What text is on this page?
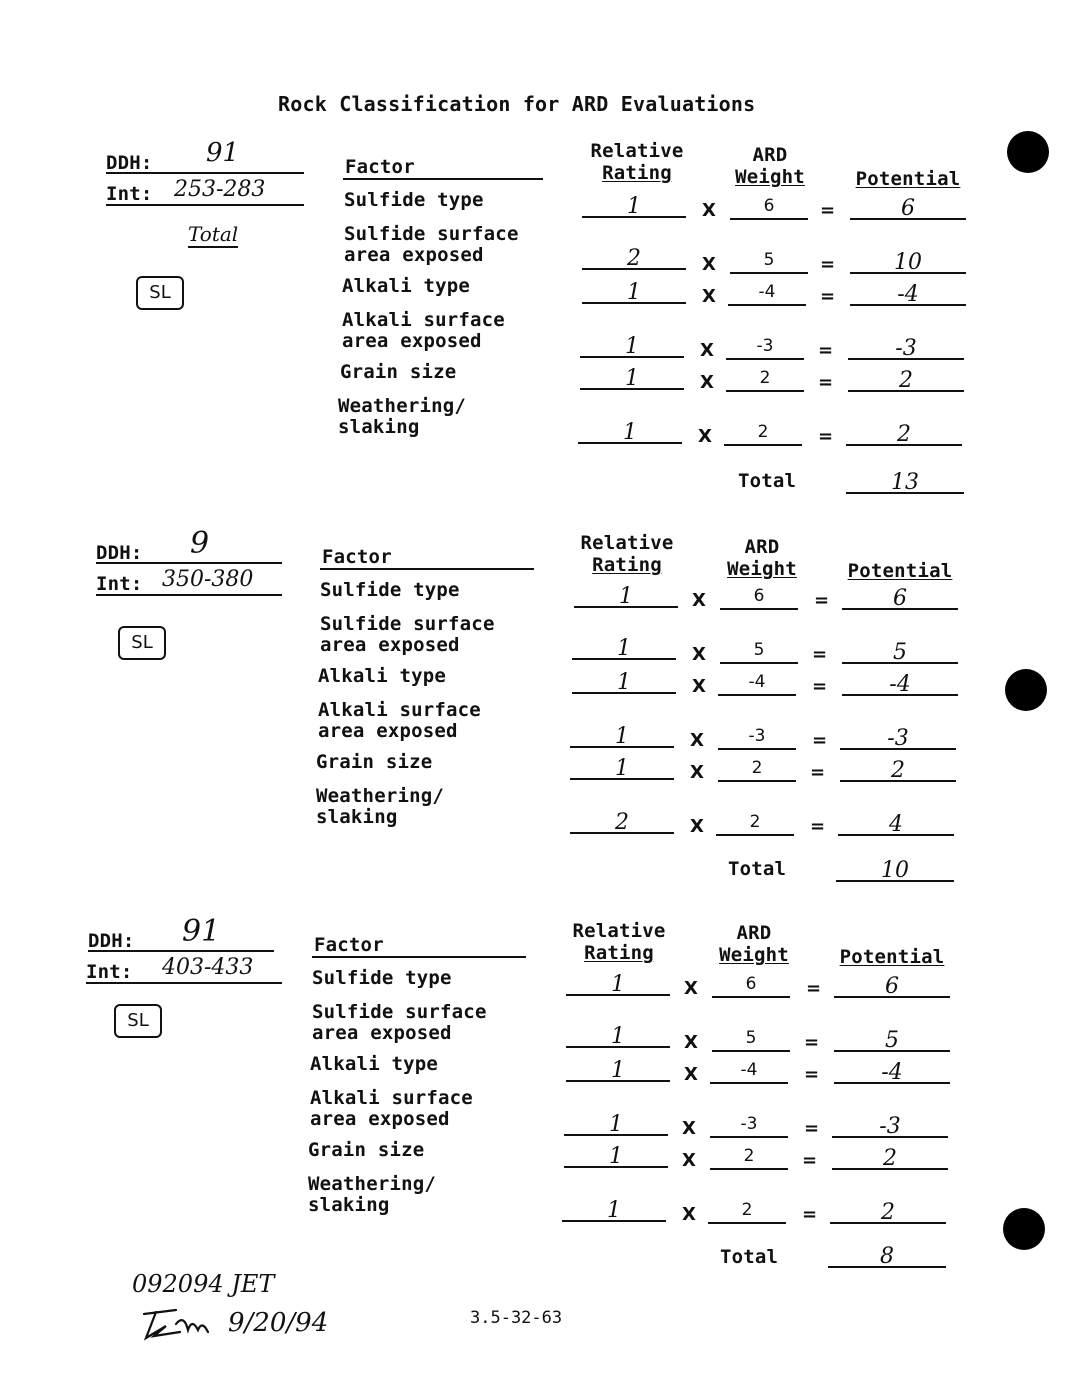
Rock Classification for ARD Evaluations
DDH: 91
Int: 253-283
Total
SL
Factor
Relative
Rating
ARD
Weight	Potential
Sulfide type	1	X	6	=	6
Sulfide surface
area exposed	2	X	5	=	10
Alkali type	1	X	-4	=	-4
Alkali surface
area exposed	1	X	-3	=	-3
Grain size	1	X	2	=	2
Weathering/
slaking	1	X	2	=	2
Total	13
DDH: 9
Int: 350-380
SL
Factor
Relative
Rating
ARD
Weight	Potential
Sulfide type	1	X	6	=	6
Sulfide surface
area exposed	1	X	5	=	5
Alkali type	1	X	-4	=	-4
Alkali surface
area exposed	1	X	-3	=	-3
Grain size	1	X	2	=	2
Weathering/
slaking	2	X	2	=	4
Total	10
DDH: 91
Int: 403-433
SL
Factor
Relative
Rating
ARD
Weight	Potential
Sulfide type	1	X	6	=	6
Sulfide surface
area exposed	1	X	5	=	5
Alkali type	1	X	-4	=	-4
Alkali surface
area exposed	1	X	-3	=	-3
Grain size	1	X	2	=	2
Weathering/
slaking	1	X	2	=	2
Total	8
092094 JET
9/20/94	3.5-32-63
